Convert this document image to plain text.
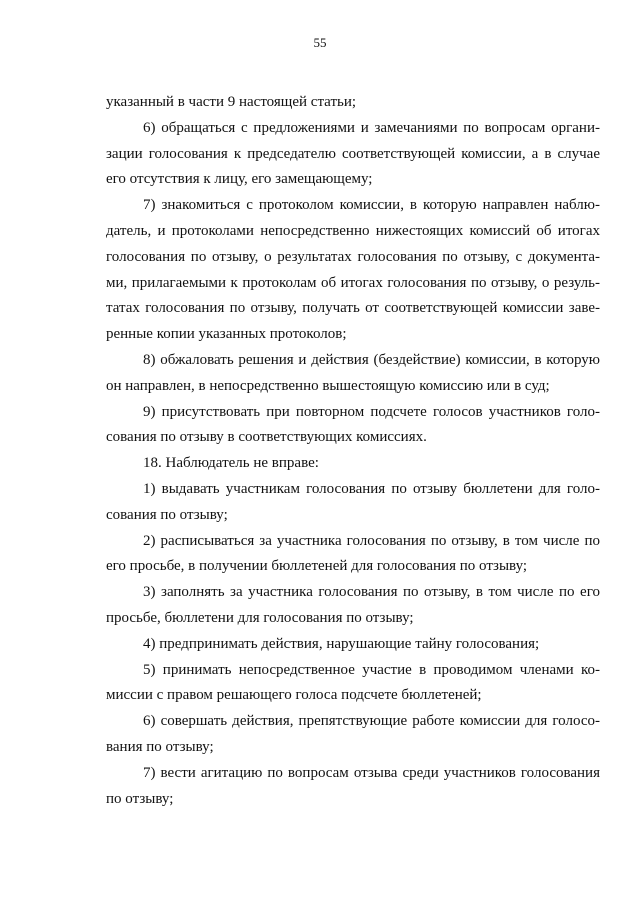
55
указанный в части 9 настоящей статьи;
6) обращаться с предложениями и замечаниями по вопросам органи-
зации голосования к председателю соответствующей комиссии, а в случае
его отсутствия к лицу, его замещающему;
7) знакомиться с протоколом комиссии, в которую направлен наблю-
датель, и протоколами непосредственно нижестоящих комиссий об итогах
голосования по отзыву, о результатах голосования по отзыву, с документа-
ми, прилагаемыми к протоколам об итогах голосования по отзыву, о резуль-
татах голосования по отзыву, получать от соответствующей комиссии заве-
ренные копии указанных протоколов;
8) обжаловать решения и действия (бездействие) комиссии, в которую
он направлен, в непосредственно вышестоящую комиссию или в суд;
9) присутствовать при повторном подсчете голосов участников голо-
сования по отзыву в соответствующих комиссиях.
18. Наблюдатель не вправе:
1) выдавать участникам голосования по отзыву бюллетени для голо-
сования по отзыву;
2) расписываться за участника голосования по отзыву, в том числе по
его просьбе, в получении бюллетеней для голосования по отзыву;
3) заполнять за участника голосования по отзыву, в том числе по его
просьбе, бюллетени для голосования по отзыву;
4) предпринимать действия, нарушающие тайну голосования;
5) принимать непосредственное участие в проводимом членами ко-
миссии с правом решающего голоса подсчете бюллетеней;
6) совершать действия, препятствующие работе комиссии для голосо-
вания по отзыву;
7) вести агитацию по вопросам отзыва среди участников голосования
по отзыву;
